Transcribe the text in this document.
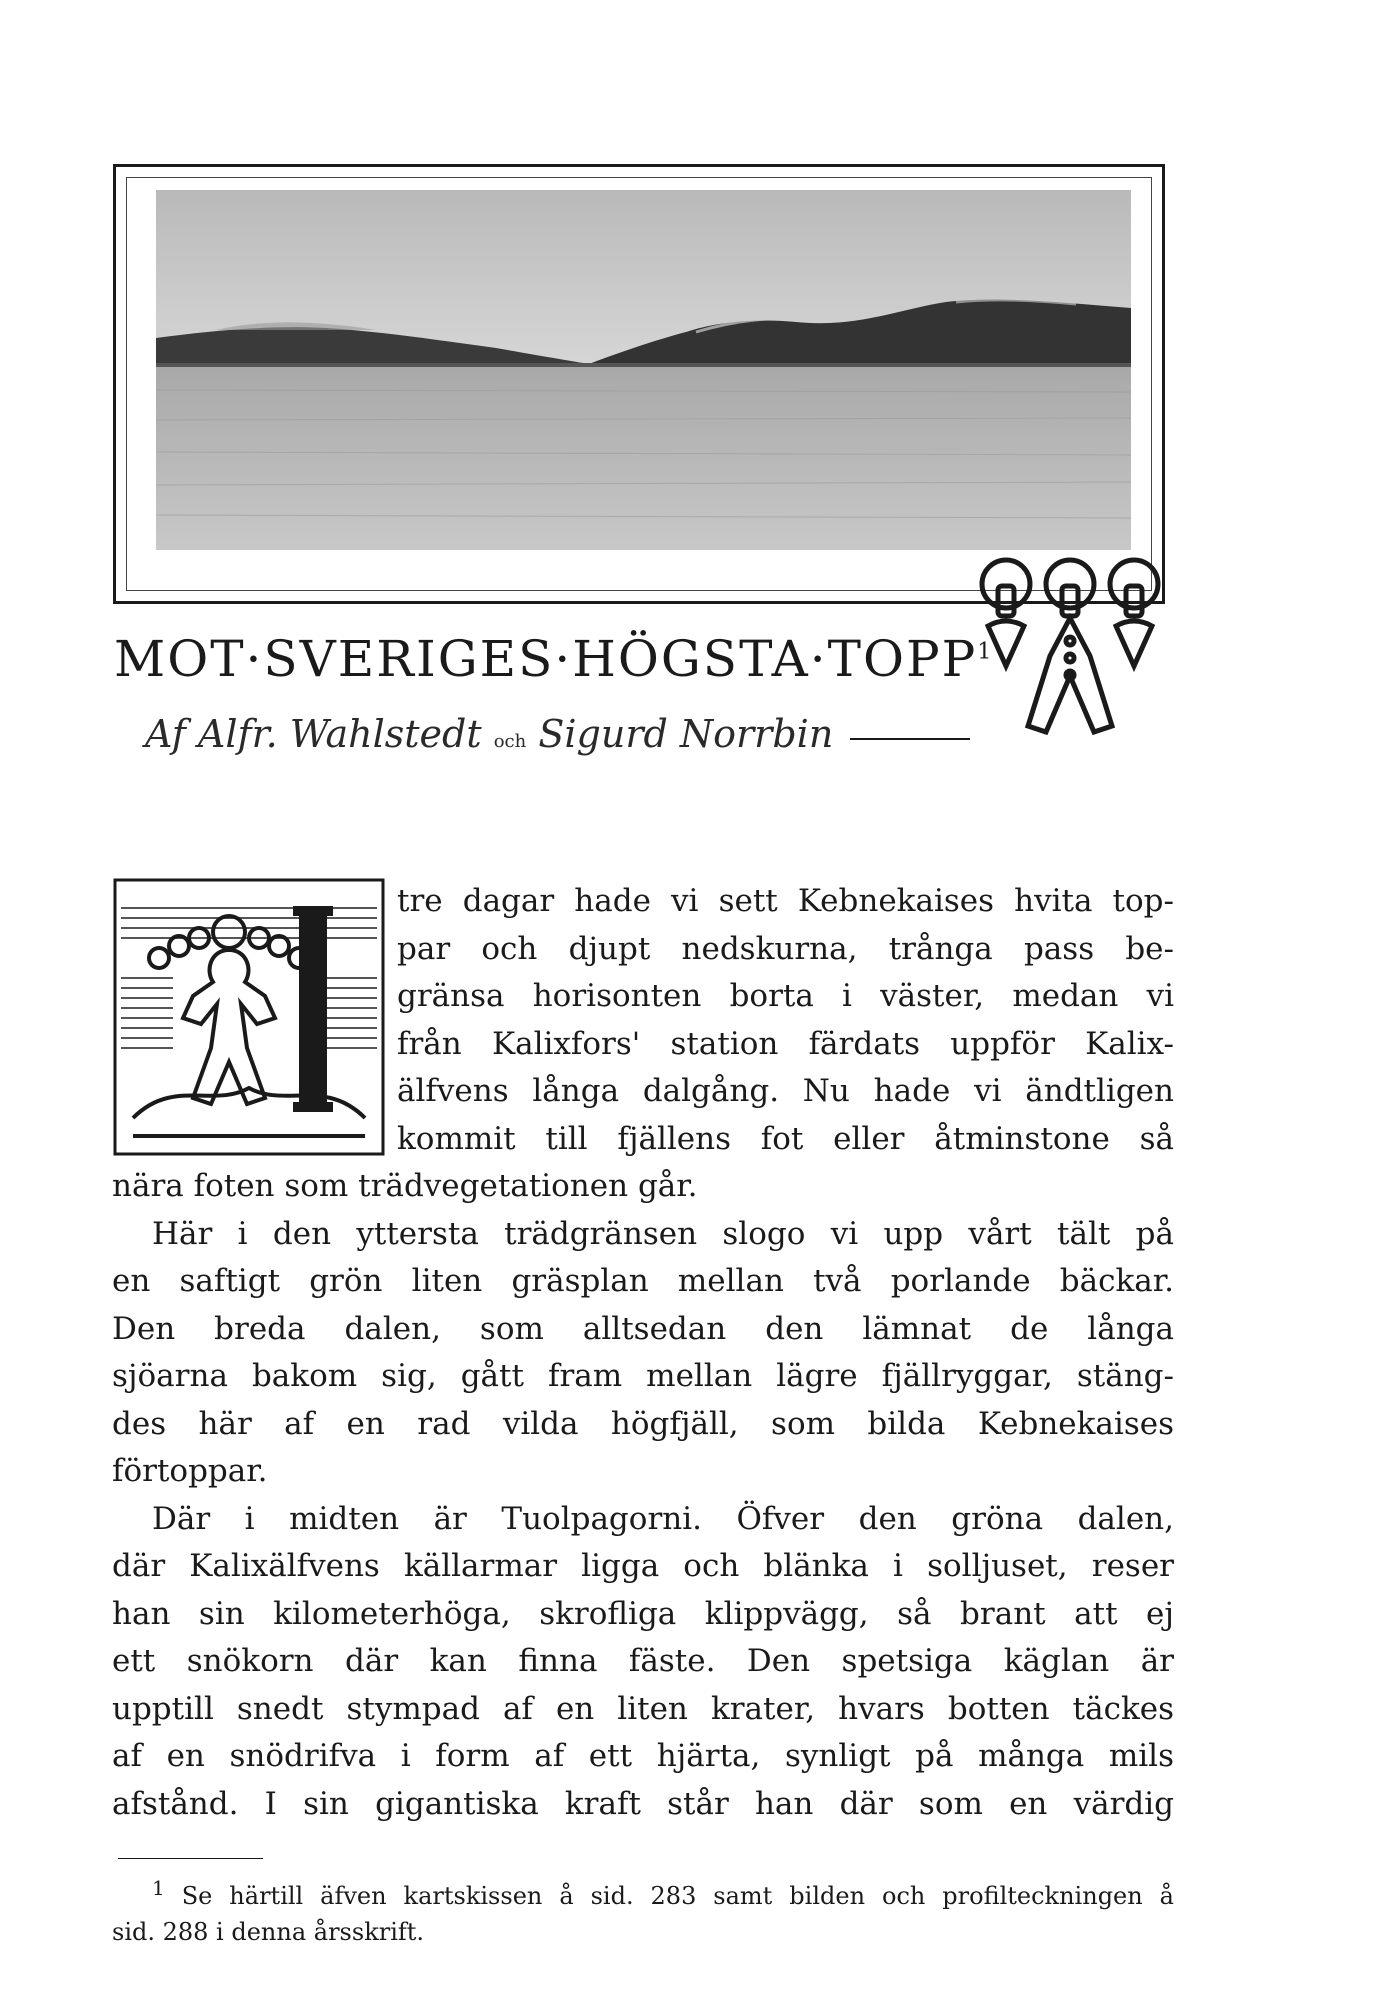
$MOT\cdot SVERIGES\cdot HÖGSTA\cdot TOPP^1$
Af Alfr. Wahlstedt och Sigurd Norrbin
tre dagar hade vi sett Kebnekaises hvita top-
par och djupt nedskurna, trånga pass be-
gränsa horisonten borta i väster, medan vi
från Kalixfors' station färdats uppför Kalix-
älfvens långa dalgång. Nu hade vi ändtligen
kommit till fjällens fot eller åtminstone så
nära foten som trädvegetationen går.
Här i den yttersta trädgränsen slogo vi upp vårt tält på
en saftigt grön liten gräsplan mellan två porlande bäckar.
Den breda dalen, som alltsedan den lämnat de långa
sjöarna bakom sig, gått fram mellan lägre fjällryggar, stäng-
des här af en rad vilda högfjäll, som bilda Kebnekaises
förtoppar.
Där i midten är Tuolpagorni. Öfver den gröna dalen,
där Kalixälfvens källarmar ligga och blänka i solljuset, reser
han sin kilometerhöga, skrofliga klippvägg, så brant att ej
ett snökorn där kan finna fäste. Den spetsiga käglan är
upptill snedt stympad af en liten krater, hvars botten täckes
af en snödrifva i form af ett hjärta, synligt på många mils
afstånd. I sin gigantiska kraft står han där som en värdig
$^1$ Se härtill äfven kartskissen å sid. 283 samt bilden och profilteckningen å
sid. 288 i denna årsskrift.
